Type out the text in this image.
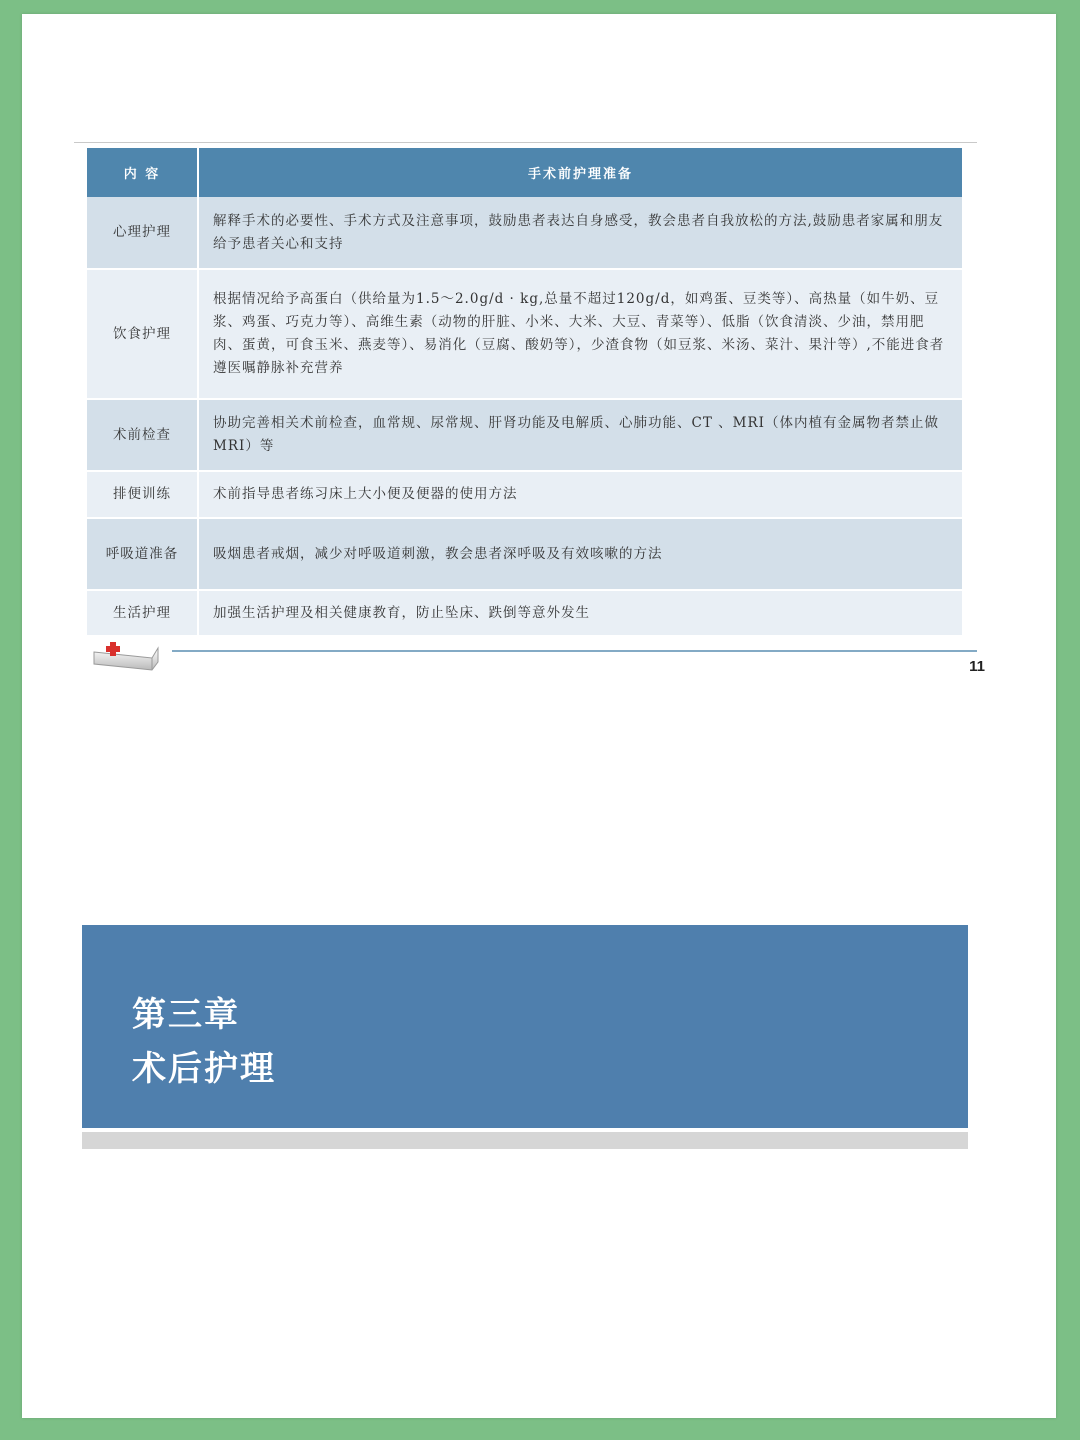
内 容	手术前护理准备
心理护理	解释手术的必要性、手术方式及注意事项，鼓励患者表达自身感受，教会患者自我放松的方法,鼓励患者家属和朋友给予患者关心和支持
饮食护理	根据情况给予高蛋白（供给量为1.5～2.0g/d · kg,总量不超过120g/d，如鸡蛋、豆类等）、高热量（如牛奶、豆浆、鸡蛋、巧克力等）、高维生素（动物的肝脏、小米、大米、大豆、青菜等）、低脂（饮食清淡、少油，禁用肥肉、蛋黄，可食玉米、燕麦等）、易消化（豆腐、酸奶等），少渣食物（如豆浆、米汤、菜汁、果汁等）,不能进食者遵医嘱静脉补充营养
术前检查	协助完善相关术前检查，血常规、尿常规、肝肾功能及电解质、心肺功能、CT 、MRI（体内植有金属物者禁止做MRI）等
排便训练	术前指导患者练习床上大小便及便器的使用方法
呼吸道准备	吸烟患者戒烟，减少对呼吸道刺激，教会患者深呼吸及有效咳嗽的方法
生活护理	加强生活护理及相关健康教育，防止坠床、跌倒等意外发生
11
第三章
术后护理
